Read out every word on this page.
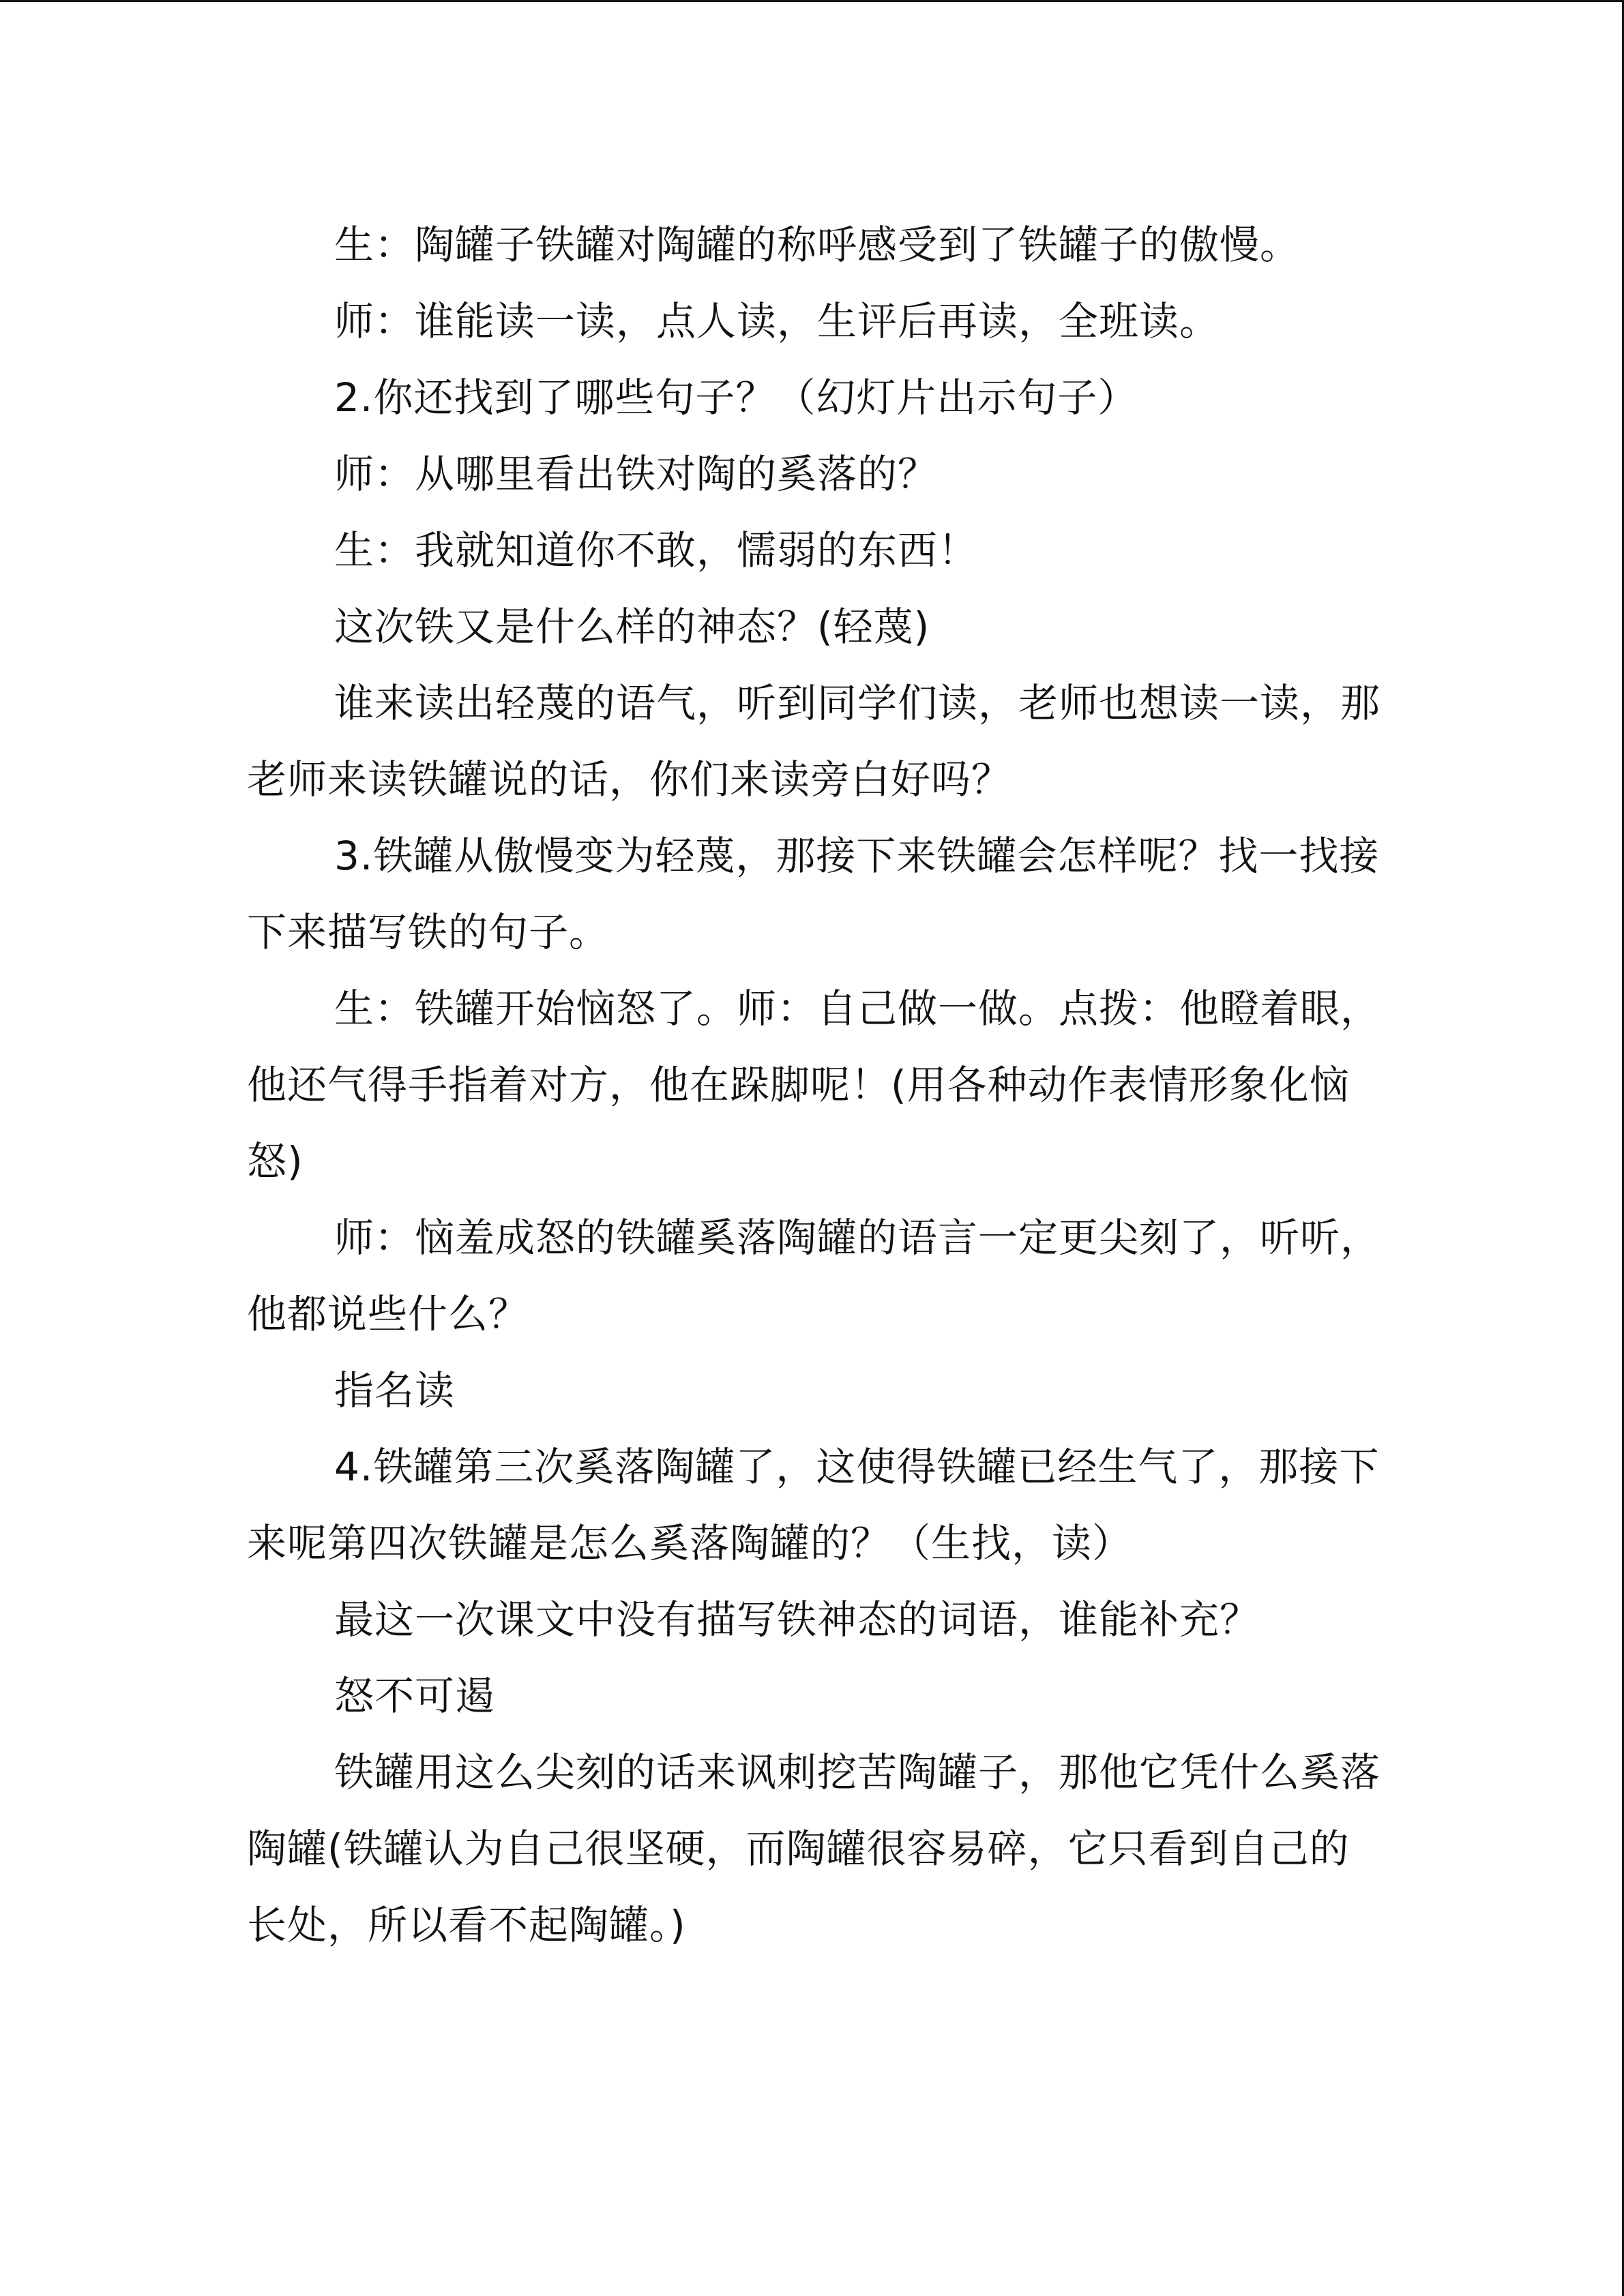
生：陶罐子铁罐对陶罐的称呼感受到了铁罐子的傲慢。

师：谁能读一读，点人读，生评后再读，全班读。

2.你还找到了哪些句子？（幻灯片出示句子）

师：从哪里看出铁对陶的奚落的？

生：我就知道你不敢，懦弱的东西！

这次铁又是什么样的神态？(轻蔑)

谁来读出轻蔑的语气，听到同学们读，老师也想读一读，那老师来读铁罐说的话，你们来读旁白好吗？

3.铁罐从傲慢变为轻蔑，那接下来铁罐会怎样呢？找一找接下来描写铁的句子。

生：铁罐开始恼怒了。师：自己做一做。点拨：他瞪着眼，他还气得手指着对方，他在跺脚呢！(用各种动作表情形象化恼怒)

师：恼羞成怒的铁罐奚落陶罐的语言一定更尖刻了，听听，他都说些什么？

指名读

4.铁罐第三次奚落陶罐了，这使得铁罐已经生气了，那接下来呢第四次铁罐是怎么奚落陶罐的？（生找，读）

最这一次课文中没有描写铁神态的词语，谁能补充？

怒不可遏

铁罐用这么尖刻的话来讽刺挖苦陶罐子，那他它凭什么奚落陶罐(铁罐认为自己很坚硬，而陶罐很容易碎，它只看到自己的长处，所以看不起陶罐。)
